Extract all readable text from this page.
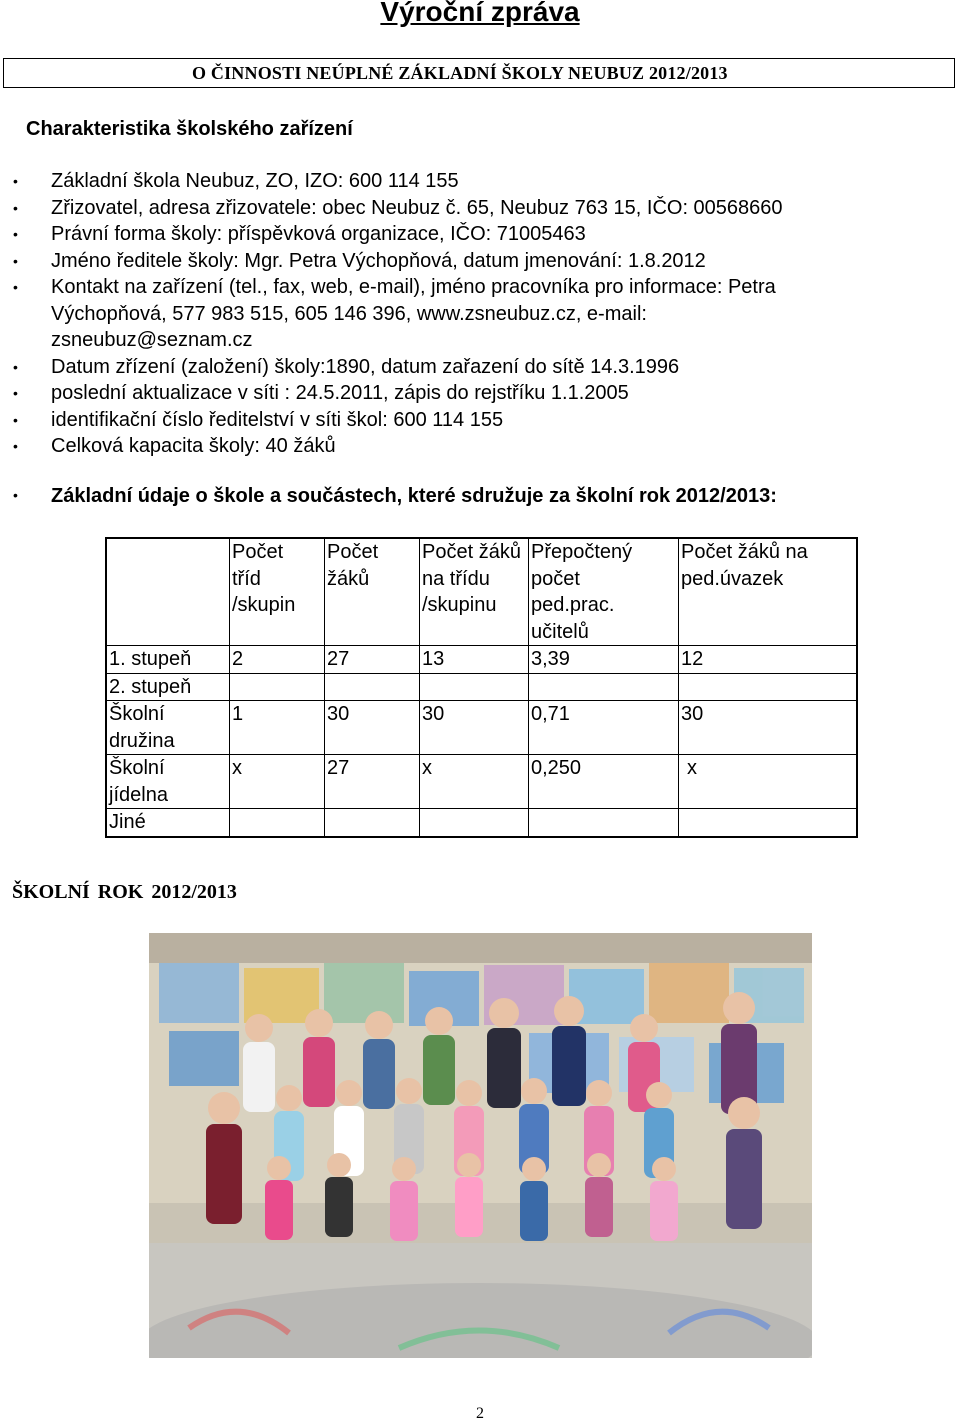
Výroční zpráva
O ČINNOSTI NEÚPLNÉ ZÁKLADNÍ ŠKOLY NEUBUZ 2012/2013
Charakteristika školského zařízení
• Základní škola Neubuz, ZO, IZO: 600 114 155
• Zřizovatel, adresa zřizovatele: obec Neubuz č. 65, Neubuz 763 15, IČO: 00568660
• Právní forma školy: příspěvková organizace, IČO: 71005463
• Jméno ředitele školy: Mgr. Petra Výchopňová, datum jmenování: 1.8.2012
• Kontakt na zařízení (tel., fax, web, e-mail), jméno pracovníka pro informace: Petra Výchopňová, 577 983 515, 605 146 396, www.zsneubuz.cz, e-mail: zsneubuz@seznam.cz
• Datum zřízení (založení) školy:1890, datum zařazení do sítě 14.3.1996
• poslední aktualizace v síti : 24.5.2011, zápis do rejstříku 1.1.2005
• identifikační číslo ředitelství v síti škol: 600 114 155
• Celková kapacita školy: 40 žáků
• Základní údaje o škole a součástech, které sdružuje za školní rok 2012/2013:

	Počet tříd /skupin	Počet žáků	Počet žáků na třídu /skupinu	Přepočtený počet ped.prac. učitelů	Počet žáků na ped.úvazek

1. stupeň	2	27	13	3,39	12
2. stupeň					

Školní družina	1	30	30	0,71	30

Školní jídelna	x	27	x	0,250	x
Jiné					
ŠKOLNÍ ROK 2012/2013
2
